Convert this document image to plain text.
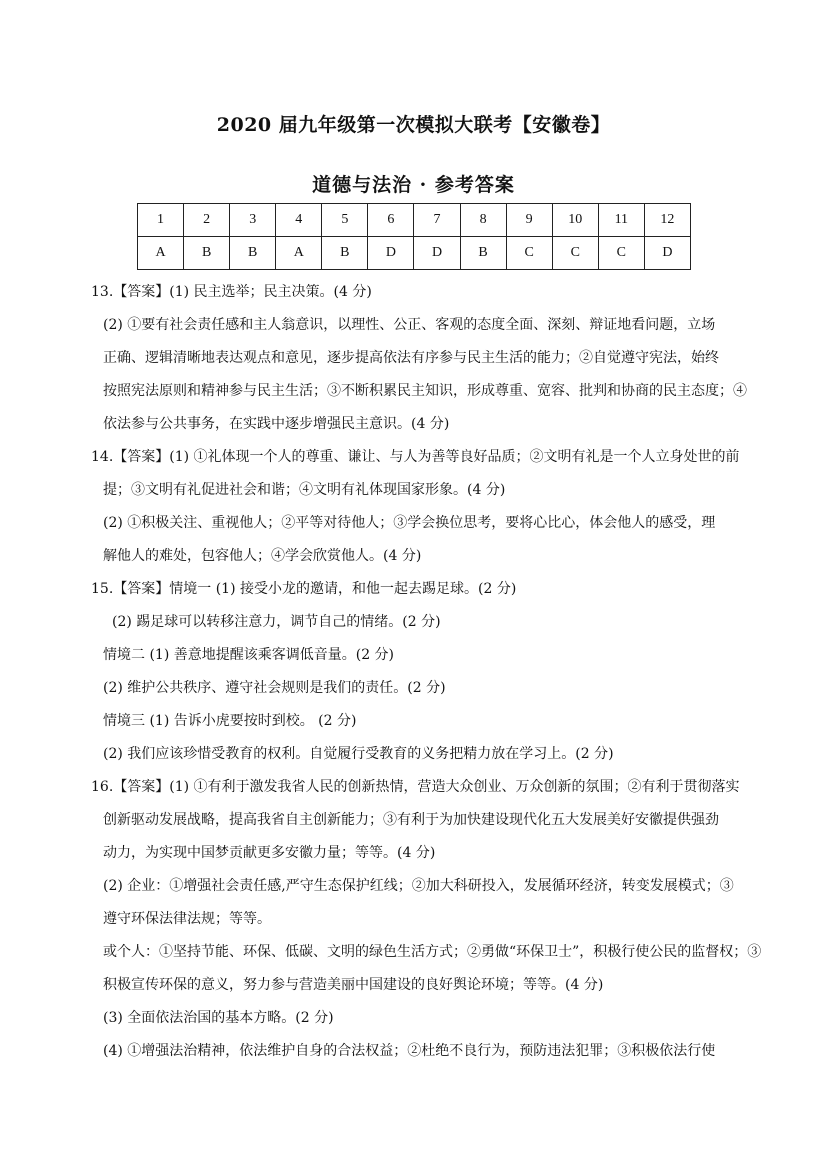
2020 届九年级第一次模拟大联考【安徽卷】
道德与法治 · 参考答案
1	2	3	4	5	6	7	8	9	10	11	12
A	B	B	A	B	D	D	B	C	C	C	D
13.【答案】(1) 民主选举；民主决策。(4 分)
(2) ①要有社会责任感和主人翁意识，以理性、公正、客观的态度全面、深刻、辩证地看问题，立场
正确、逻辑清晰地表达观点和意见，逐步提高依法有序参与民主生活的能力；②自觉遵守宪法，始终
按照宪法原则和精神参与民主生活；③不断积累民主知识，形成尊重、宽容、批判和协商的民主态度；④
依法参与公共事务，在实践中逐步增强民主意识。(4 分)
14.【答案】(1) ①礼体现一个人的尊重、谦让、与人为善等良好品质；②文明有礼是一个人立身处世的前
提；③文明有礼促进社会和谐；④文明有礼体现国家形象。(4 分)
(2) ①积极关注、重视他人；②平等对待他人；③学会换位思考，要将心比心，体会他人的感受，理
解他人的难处，包容他人；④学会欣赏他人。(4 分)
15.【答案】情境一 (1) 接受小龙的邀请，和他一起去踢足球。(2 分)
(2) 踢足球可以转移注意力，调节自己的情绪。(2 分)
情境二 (1) 善意地提醒该乘客调低音量。(2 分)
(2) 维护公共秩序、遵守社会规则是我们的责任。(2 分)
情境三 (1) 告诉小虎要按时到校。 (2 分)
(2) 我们应该珍惜受教育的权利。自觉履行受教育的义务把精力放在学习上。(2 分)
16.【答案】(1) ①有利于激发我省人民的创新热情，营造大众创业、万众创新的氛围；②有利于贯彻落实
创新驱动发展战略，提高我省自主创新能力；③有利于为加快建设现代化五大发展美好安徽提供强劲
动力，为实现中国梦贡献更多安徽力量；等等。(4 分)
(2) 企业：①增强社会责任感,严守生态保护红线；②加大科研投入，发展循环经济，转变发展模式；③
遵守环保法律法规；等等。
或个人：①坚持节能、环保、低碳、文明的绿色生活方式；②勇做“环保卫士”，积极行使公民的监督权；③
积极宣传环保的意义，努力参与营造美丽中国建设的良好舆论环境；等等。(4 分)
(3) 全面依法治国的基本方略。(2 分)
(4) ①增强法治精神，依法维护自身的合法权益；②杜绝不良行为，预防违法犯罪；③积极依法行使
